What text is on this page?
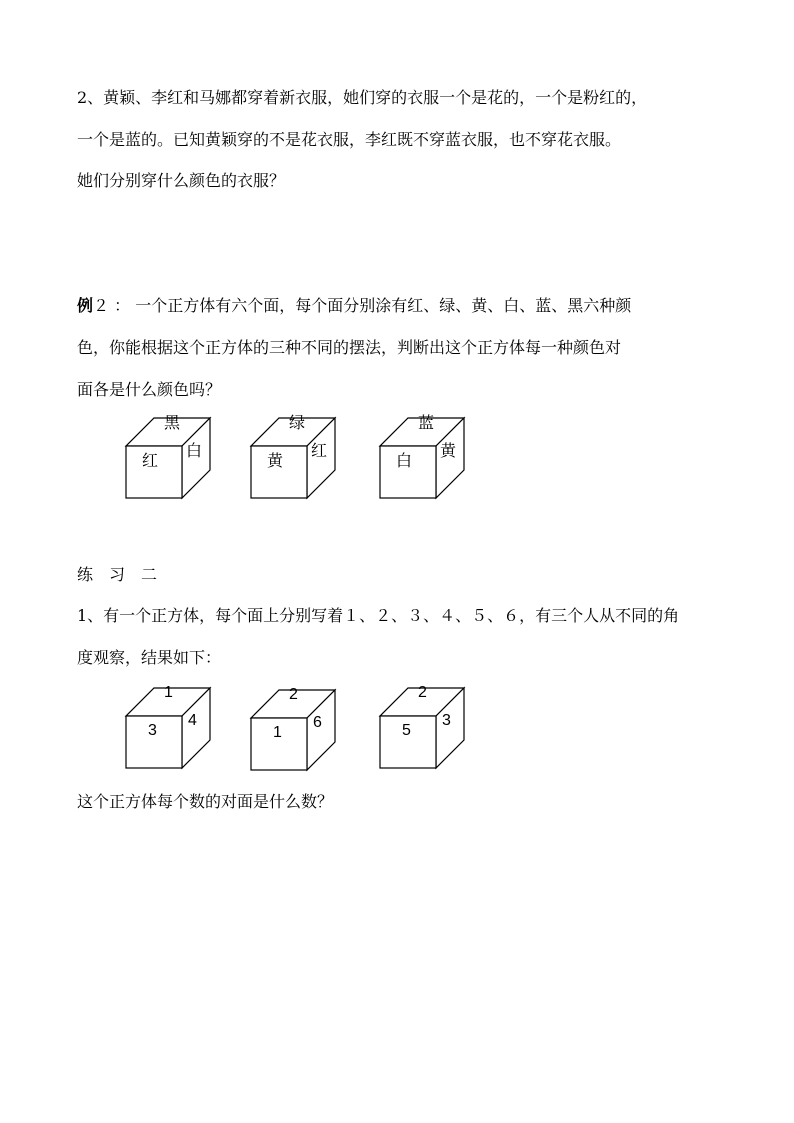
2、黄颖、李红和马娜都穿着新衣服，她们穿的衣服一个是花的，一个是粉红的，
一个是蓝的。已知黄颖穿的不是花衣服，李红既不穿蓝衣服，也不穿花衣服。
她们分别穿什么颜色的衣服？
例２ ： 一个正方体有六个面，每个面分别涂有红、绿、黄、白、蓝、黑六种颜
色，你能根据这个正方体的三种不同的摆法，判断出这个正方体每一种颜色对
面各是什么颜色吗？
黑
红
白
绿
黄
红
蓝
白
黄
练　习　二
1、有一个正方体，每个面上分别写着１、２、３、４、５、６，有三个人从不同的角
度观察，结果如下：
1
3
4
2
1
6
2
5
3
这个正方体每个数的对面是什么数？
